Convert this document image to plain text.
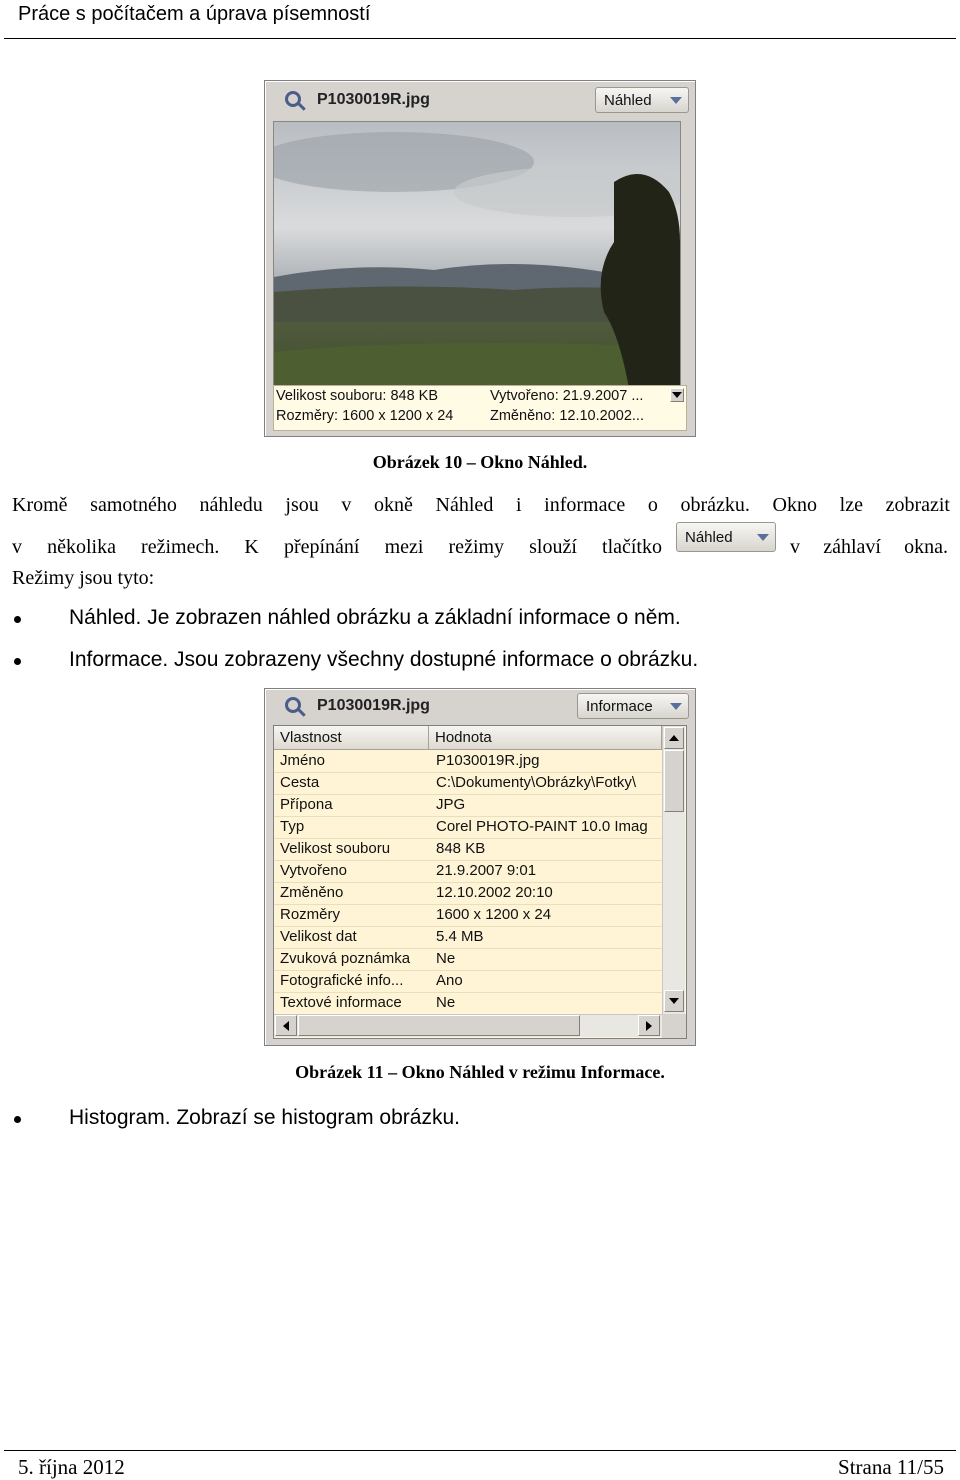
Práce s počítačem a úprava písemností
P1030019R.jpg	Náhled
Velikost souboru: 848 KB	Vytvořeno: 21.9.2007 ...
Rozměry: 1600 x 1200 x 24	Změněno: 12.10.2002...
Obrázek 10 – Okno Náhled.
Kromě samotného náhledu jsou v okně Náhled i informace o obrázku. Okno lze zobrazit
v několika režimech. K přepínání mezi režimy slouží tlačítko Náhled	v záhlaví okna.
Režimy jsou tyto:
Náhled. Je zobrazen náhled obrázku a základní informace o něm.
Informace. Jsou zobrazeny všechny dostupné informace o obrázku.
P1030019R.jpg	Informace
Vlastnost	Hodnota
Jméno	P1030019R.jpg
Cesta	C:\Dokumenty\Obrázky\Fotky\
Přípona	JPG
Typ	Corel PHOTO-PAINT 10.0 Imag
Velikost souboru	848 KB
Vytvořeno	21.9.2007 9:01
Změněno	12.10.2002 20:10
Rozměry	1600 x 1200 x 24
Velikost dat	5.4 MB
Zvuková poznámka	Ne
Fotografické info...	Ano
Textové informace	Ne
Obrázek 11 – Okno Náhled v režimu Informace.
Histogram. Zobrazí se histogram obrázku.
5. října 2012	Strana 11/55
